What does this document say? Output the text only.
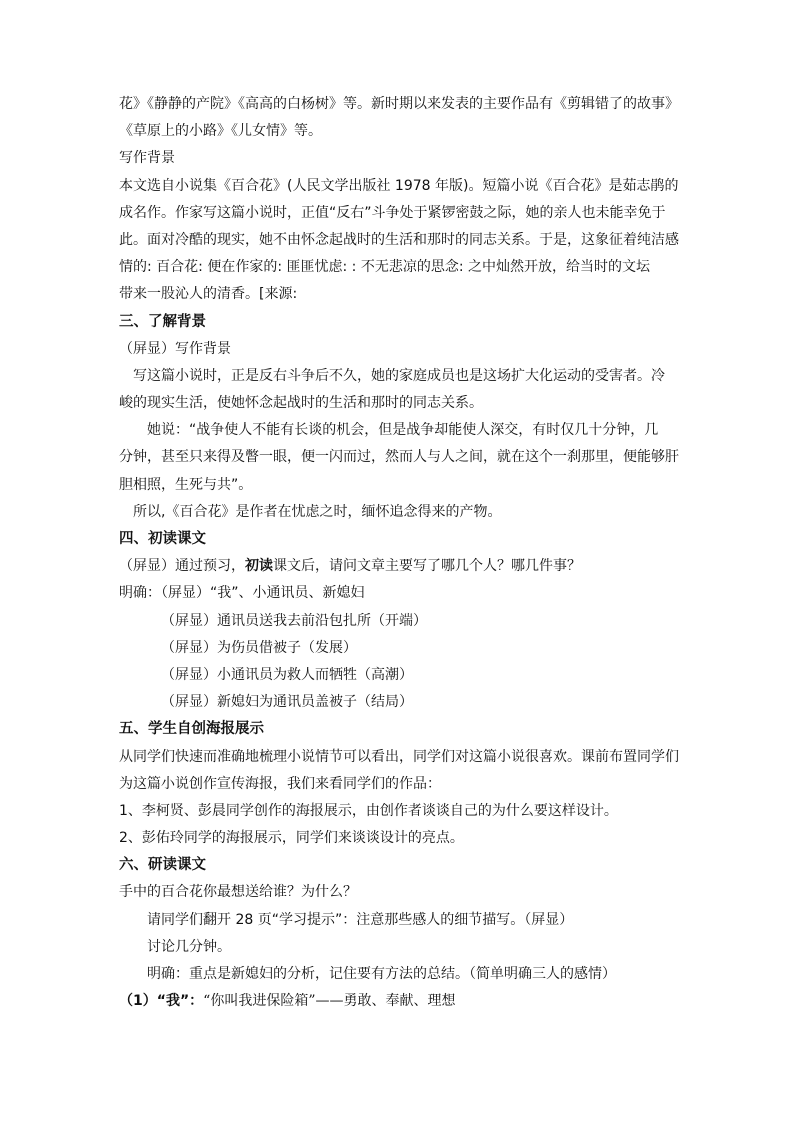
花》《静静的产院》《高高的白杨树》等。新时期以来发表的主要作品有《剪辑错了的故事》
《草原上的小路》《儿女情》等。
写作背景
本文选自小说集《百合花》(人民文学出版社 1978 年版)。短篇小说《百合花》是茹志鹃的
成名作。作家写这篇小说时，正值“反右”斗争处于紧锣密鼓之际，她的亲人也未能幸免于
此。面对冷酷的现实，她不由怀念起战时的生活和那时的同志关系。于是，这象征着纯洁感
情的: 百合花: 便在作家的: 匪匪忧虑: : 不无悲凉的思念: 之中灿然开放，给当时的文坛
带来一股沁人的清香。[来源:
三、了解背景
（屏显）写作背景
写这篇小说时，正是反右斗争后不久，她的家庭成员也是这场扩大化运动的受害者。冷
峻的现实生活，使她怀念起战时的生活和那时的同志关系。
她说：“战争使人不能有长谈的机会，但是战争却能使人深交，有时仅几十分钟，几
分钟，甚至只来得及瞥一眼，便一闪而过，然而人与人之间，就在这个一刹那里，便能够肝
胆相照，生死与共”。
所以,《百合花》是作者在忧虑之时，缅怀追念得来的产物。
四、初读课文
（屏显）通过预习，初读课文后，请问文章主要写了哪几个人？哪几件事？
明确：（屏显）“我”、小通讯员、新媳妇
（屏显）通讯员送我去前沿包扎所（开端）
（屏显）为伤员借被子（发展）
（屏显）小通讯员为救人而牺牲（高潮）
（屏显）新媳妇为通讯员盖被子（结局）
五、学生自创海报展示
从同学们快速而准确地梳理小说情节可以看出，同学们对这篇小说很喜欢。课前布置同学们
为这篇小说创作宣传海报，我们来看同学们的作品：
1、李柯贤、彭晨同学创作的海报展示，由创作者谈谈自己的为什么要这样设计。
2、彭佑玲同学的海报展示，同学们来谈谈设计的亮点。
六、研读课文
手中的百合花你最想送给谁？为什么？
请同学们翻开 28 页“学习提示”：注意那些感人的细节描写。（屏显）
讨论几分钟。
明确：重点是新媳妇的分析，记住要有方法的总结。（简单明确三人的感情）
（1）“我”：“你叫我进保险箱”——勇敢、奉献、理想
